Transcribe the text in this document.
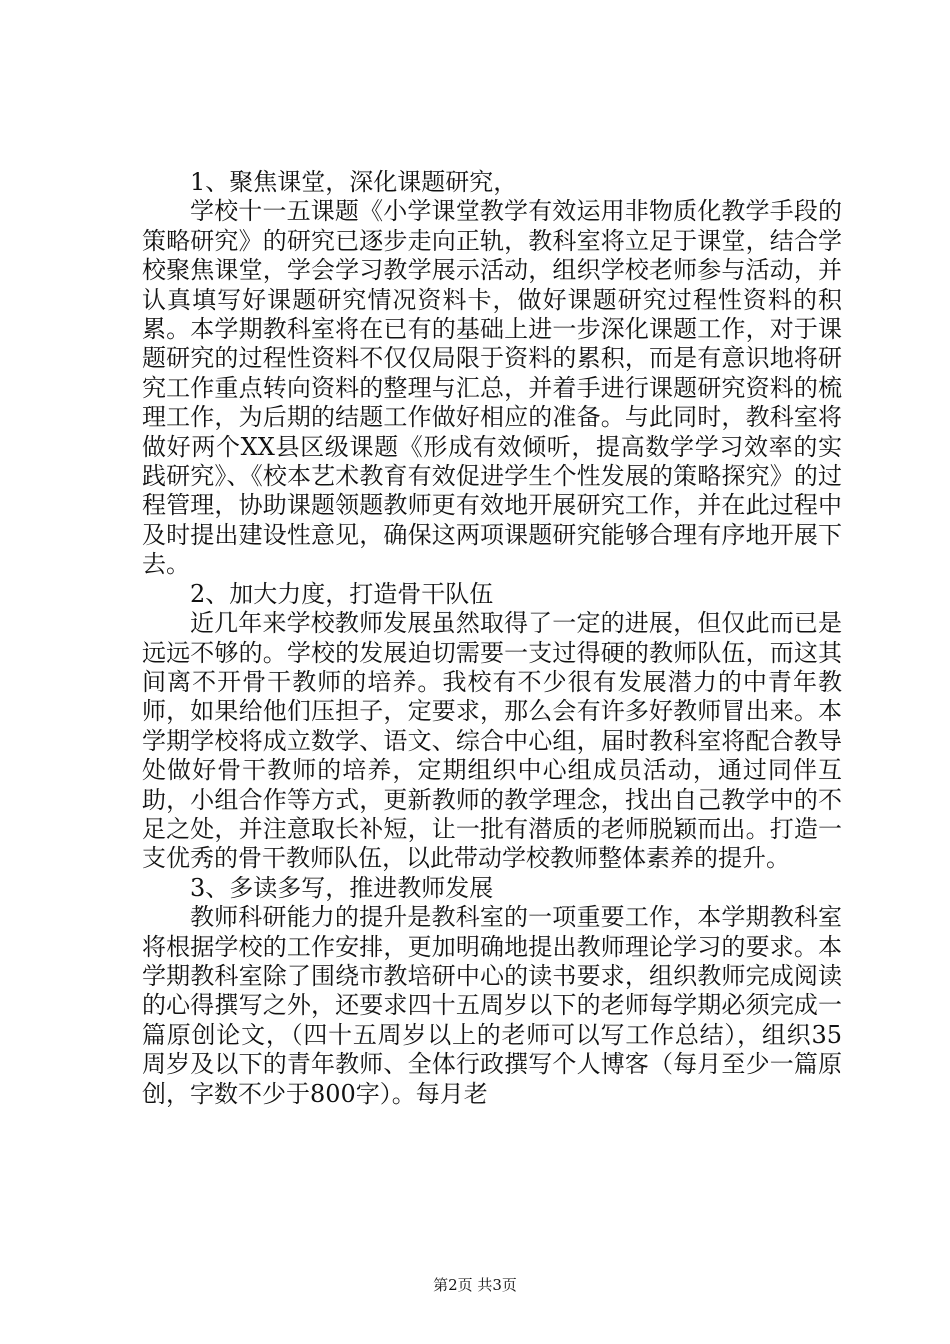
1、聚焦课堂，深化课题研究，

学校十一五课题《小学课堂教学有效运用非物质化教学手段的策略研究》的研究已逐步走向正轨，教科室将立足于课堂，结合学校聚焦课堂，学会学习教学展示活动，组织学校老师参与活动，并认真填写好课题研究情况资料卡，做好课题研究过程性资料的积累。本学期教科室将在已有的基础上进一步深化课题工作，对于课题研究的过程性资料不仅仅局限于资料的累积，而是有意识地将研究工作重点转向资料的整理与汇总，并着手进行课题研究资料的梳理工作，为后期的结题工作做好相应的准备。与此同时，教科室将做好两个XX县区级课题《形成有效倾听，提高数学学习效率的实践研究》、《校本艺术教育有效促进学生个性发展的策略探究》的过程管理，协助课题领题教师更有效地开展研究工作，并在此过程中及时提出建设性意见，确保这两项课题研究能够合理有序地开展下去。

2、加大力度，打造骨干队伍

近几年来学校教师发展虽然取得了一定的进展，但仅此而已是远远不够的。学校的发展迫切需要一支过得硬的教师队伍，而这其间离不开骨干教师的培养。我校有不少很有发展潜力的中青年教师，如果给他们压担子，定要求，那么会有许多好教师冒出来。本学期学校将成立数学、语文、综合中心组，届时教科室将配合教导处做好骨干教师的培养，定期组织中心组成员活动，通过同伴互助，小组合作等方式，更新教师的教学理念，找出自己教学中的不足之处，并注意取长补短，让一批有潜质的老师脱颖而出。打造一支优秀的骨干教师队伍，以此带动学校教师整体素养的提升。

3、多读多写，推进教师发展

教师科研能力的提升是教科室的一项重要工作，本学期教科室将根据学校的工作安排，更加明确地提出教师理论学习的要求。本学期教科室除了围绕市教培研中心的读书要求，组织教师完成阅读的心得撰写之外，还要求四十五周岁以下的老师每学期必须完成一篇原创论文，（四十五周岁以上的老师可以写工作总结），组织35周岁及以下的青年教师、全体行政撰写个人博客（每月至少一篇原创，字数不少于800字）。每月老

第2页 共3页
